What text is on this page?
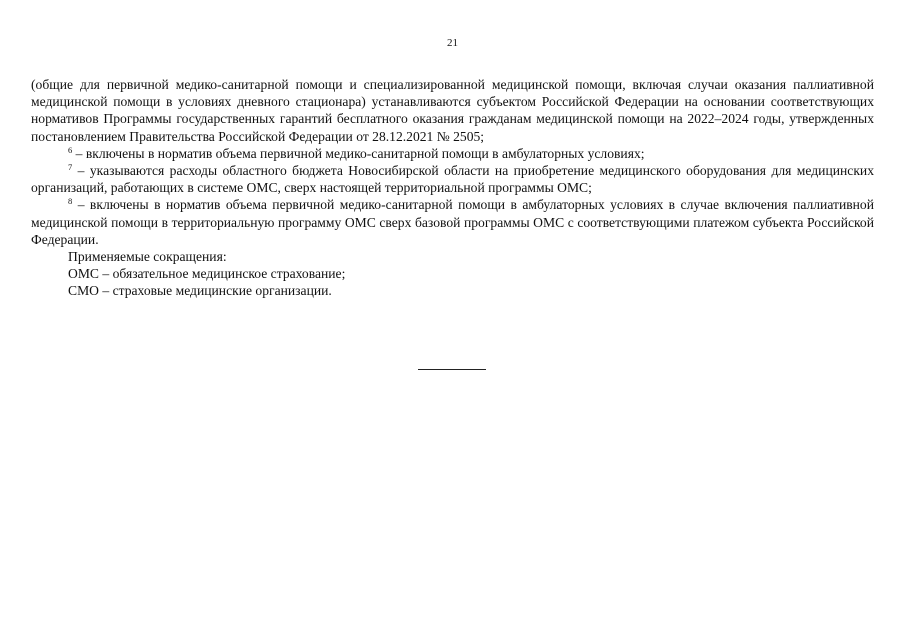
21

(общие для первичной медико-санитарной помощи и специализированной медицинской помощи, включая случаи оказания паллиативной медицинской помощи в условиях дневного стационара) устанавливаются субъектом Российской Федерации на основании соответствующих нормативов Программы государственных гарантий бесплатного оказания гражданам медицинской помощи на 2022–2024 годы, утвержденных постановлением Правительства Российской Федерации от 28.12.2021 № 2505;

$^6$ – включены в норматив объема первичной медико-санитарной помощи в амбулаторных условиях;

$^7$ – указываются расходы областного бюджета Новосибирской области на приобретение медицинского оборудования для медицинских организаций, работающих в системе ОМС, сверх настоящей территориальной программы ОМС;

$^8$ – включены в норматив объема первичной медико-санитарной помощи в амбулаторных условиях в случае включения паллиативной медицинской помощи в территориальную программу ОМС сверх базовой программы ОМС с соответствующими платежом субъекта Российской Федерации.

Применяемые сокращения:

ОМС – обязательное медицинское страхование;

СМО – страховые медицинские организации.
